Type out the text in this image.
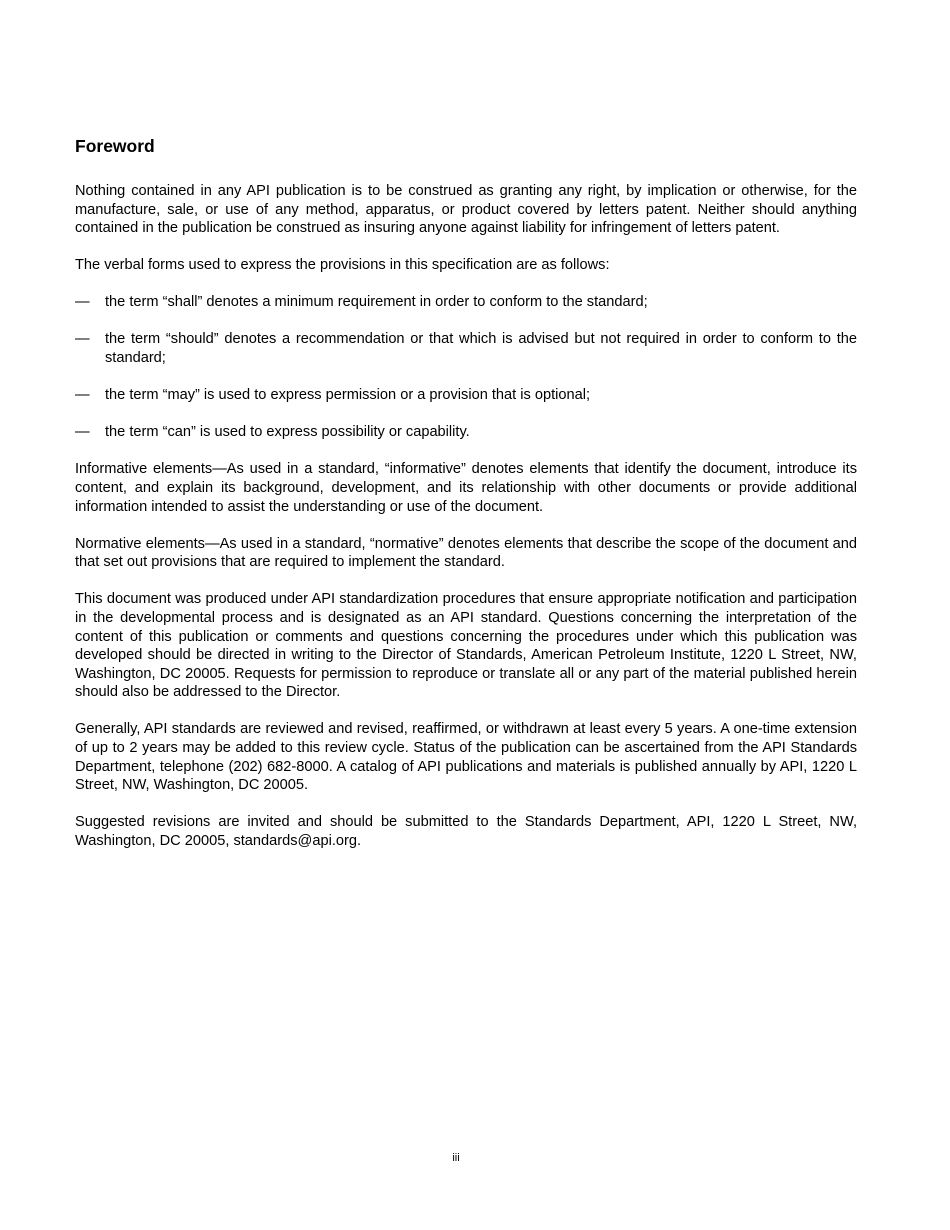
Foreword

Nothing contained in any API publication is to be construed as granting any right, by implication or otherwise, for the manufacture, sale, or use of any method, apparatus, or product covered by letters patent. Neither should anything contained in the publication be construed as insuring anyone against liability for infringement of letters patent.

The verbal forms used to express the provisions in this specification are as follows:

— the term “shall” denotes a minimum requirement in order to conform to the standard;
— the term “should” denotes a recommendation or that which is advised but not required in order to conform to the standard;
— the term “may” is used to express permission or a provision that is optional;
— the term “can” is used to express possibility or capability.

Informative elements—As used in a standard, “informative” denotes elements that identify the document, introduce its content, and explain its background, development, and its relationship with other documents or provide additional information intended to assist the understanding or use of the document.

Normative elements—As used in a standard, “normative” denotes elements that describe the scope of the document and that set out provisions that are required to implement the standard.

This document was produced under API standardization procedures that ensure appropriate notification and participation in the developmental process and is designated as an API standard. Questions concerning the interpretation of the content of this publication or comments and questions concerning the procedures under which this publication was developed should be directed in writing to the Director of Standards, American Petroleum Institute, 1220 L Street, NW, Washington, DC 20005. Requests for permission to reproduce or translate all or any part of the material published herein should also be addressed to the Director.

Generally, API standards are reviewed and revised, reaffirmed, or withdrawn at least every 5 years. A one-time extension of up to 2 years may be added to this review cycle. Status of the publication can be ascertained from the API Standards Department, telephone (202) 682-8000. A catalog of API publications and materials is published annually by API, 1220 L Street, NW, Washington, DC 20005.

Suggested revisions are invited and should be submitted to the Standards Department, API, 1220 L Street, NW, Washington, DC 20005, standards@api.org.

iii
